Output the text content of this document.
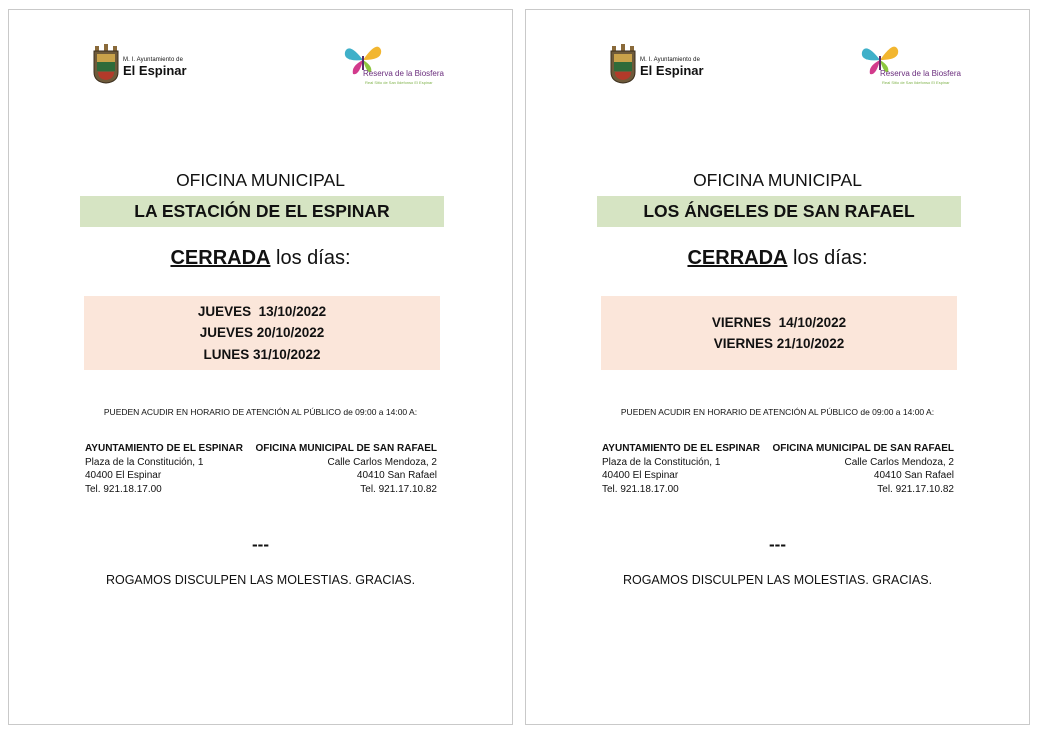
M. I. Ayuntamiento de
El Espinar	Reserva de la Biosfera
Real Sitio de San Ildefonso El Espinar
OFICINA MUNICIPAL
LA ESTACIÓN DE EL ESPINAR
CERRADA los días:
JUEVES  13/10/2022
JUEVES 20/10/2022
LUNES 31/10/2022
PUEDEN ACUDIR EN HORARIO DE ATENCIÓN AL PÚBLICO de 09:00 a 14:00 A:
AYUNTAMIENTO DE EL ESPINAR
Plaza de la Constitución, 1
40400 El Espinar
Tel. 921.18.17.00
OFICINA MUNICIPAL DE SAN RAFAEL
Calle Carlos Mendoza, 2
40410 San Rafael
Tel. 921.17.10.82
---
ROGAMOS DISCULPEN LAS MOLESTIAS. GRACIAS.
M. I. Ayuntamiento de
El Espinar	Reserva de la Biosfera
Real Sitio de San Ildefonso El Espinar
OFICINA MUNICIPAL
LOS ÁNGELES DE SAN RAFAEL
CERRADA los días:
VIERNES  14/10/2022
VIERNES 21/10/2022
PUEDEN ACUDIR EN HORARIO DE ATENCIÓN AL PÚBLICO de 09:00 a 14:00 A:
AYUNTAMIENTO DE EL ESPINAR
Plaza de la Constitución, 1
40400 El Espinar
Tel. 921.18.17.00
OFICINA MUNICIPAL DE SAN RAFAEL
Calle Carlos Mendoza, 2
40410 San Rafael
Tel. 921.17.10.82
---
ROGAMOS DISCULPEN LAS MOLESTIAS. GRACIAS.
